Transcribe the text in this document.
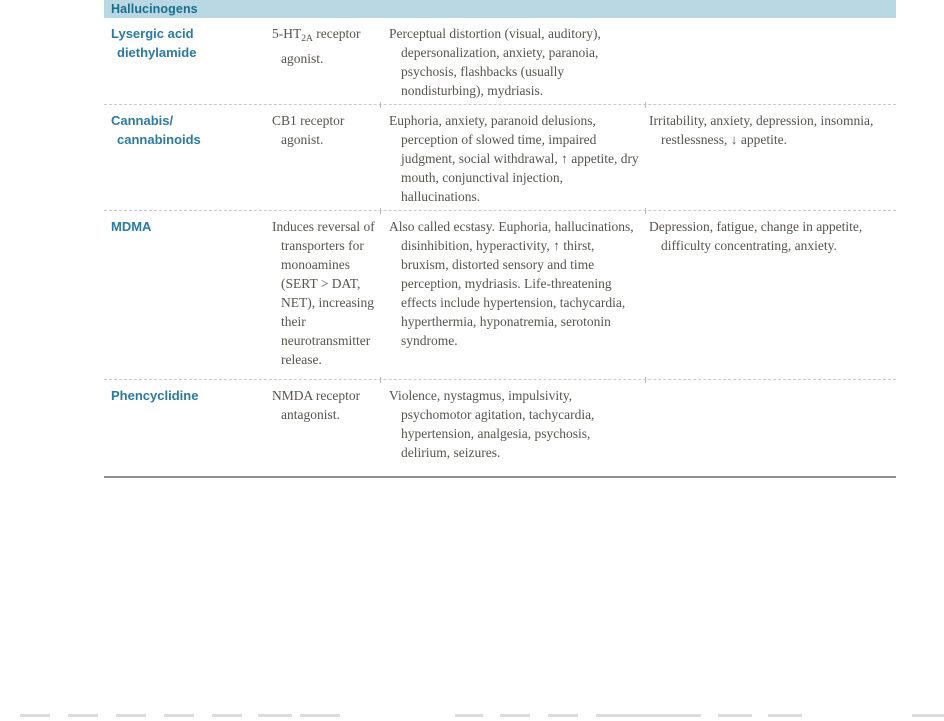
Hallucinogens
Lysergic acid
diethylamide
$5-HT_{2A}$ receptor agonist.
Perceptual distortion (visual, auditory), depersonalization, anxiety, paranoia, psychosis, flashbacks (usually nondisturbing), mydriasis.
Cannabis/
cannabinoids
CB1 receptor agonist.
Euphoria, anxiety, paranoid delusions, perception of slowed time, impaired judgment, social withdrawal, ↑ appetite, dry mouth, conjunctival injection, hallucinations.
Irritability, anxiety, depression, insomnia, restlessness, ↓ appetite.
MDMA	Induces reversal of transporters for monoamines (SERT > DAT, NET), increasing their neurotransmitter release.
Also called ecstasy. Euphoria, hallucinations, disinhibition, hyperactivity, ↑ thirst, bruxism, distorted sensory and time perception, mydriasis. Life-threatening effects include hypertension, tachycardia, hyperthermia, hyponatremia, serotonin syndrome.
Depression, fatigue, change in appetite, difficulty concentrating, anxiety.
Phencyclidine	NMDA receptor antagonist.
Violence, nystagmus, impulsivity, psychomotor agitation, tachycardia, hypertension, analgesia, psychosis, delirium, seizures.
